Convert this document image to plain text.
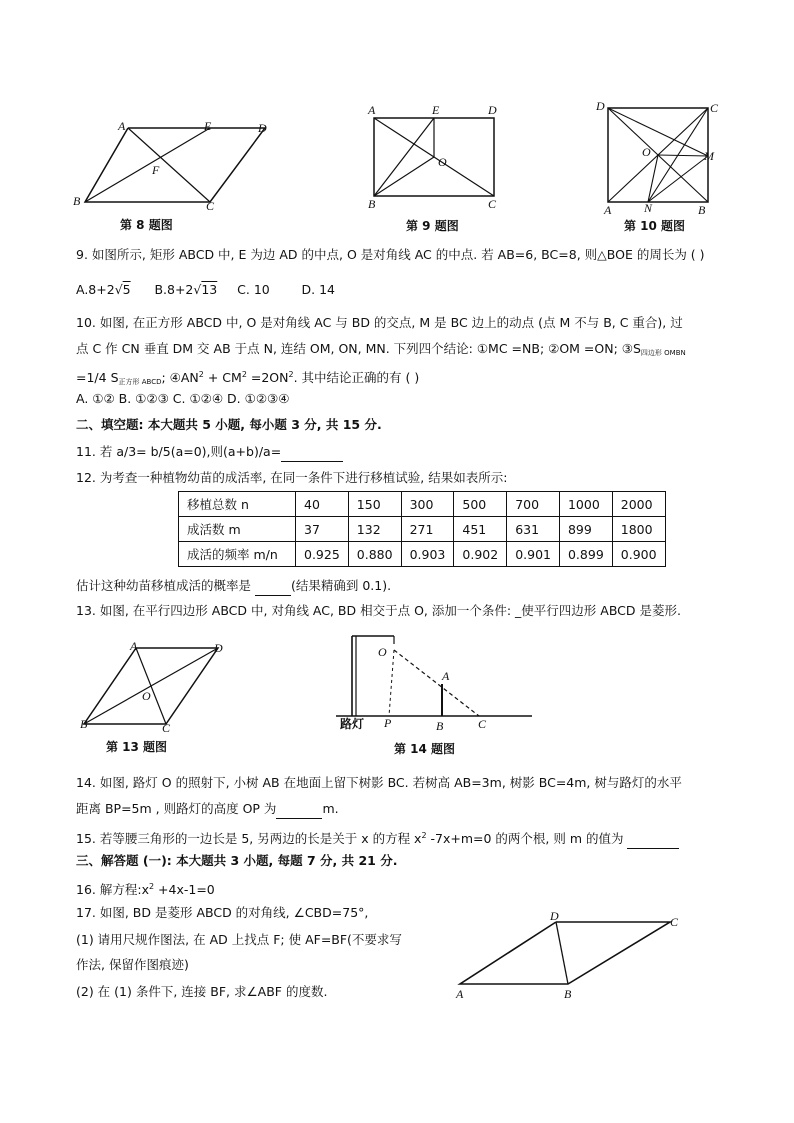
A	E	D
F
B	C
第 8 题图
A	E	D
O
B	C
第 9 题图
D	C
O	M
A	N	B
第 10 题图
9. 如图所示, 矩形 ABCD 中, E 为边 AD 的中点, O 是对角线 AC 的中点. 若 AB=6, BC=8, 则△BOE 的周长为 ( )
A.8+2√5 B.8+2√13 C. 10	D. 14
10. 如图, 在正方形 ABCD 中, O 是对角线 AC 与 BD 的交点, M 是 BC 边上的动点 (点 M 不与 B, C 重合), 过
点 C 作 CN 垂直 DM 交 AB 于点 N, 连结 OM, ON, MN. 下列四个结论: ①MC =NB; ②OM =ON; ③S四边形 OMBN
=1/4 S正方形 ABCD; $④AN^2 + CM^2 =2ON^2$. 其中结论正确的有 ( )
A. ①② B. ①②③ C. ①②④ D. ①②③④
二、填空题: 本大题共 5 小题, 每小题 3 分, 共 15 分.
11. 若 a/3= b/5(a=0),则(a+b)/a=
12. 为考查一种植物幼苗的成活率, 在同一条件下进行移植试验, 结果如表所示:
移植总数 n	40	150	300	500	700	1000	2000
成活数 m	37	132	271	451	631	899	1800
成活的频率 m/n	0.925	0.880	0.903	0.902	0.901	0.899	0.900
估计这种幼苗移植成活的概率是	(结果精确到 0.1).
13. 如图, 在平行四边形 ABCD 中, 对角线 AC, BD 相交于点 O, 添加一个条件: _使平行四边形 ABCD 是菱形.
A	D
O
B	C
第 13 题图
O
A
路灯 P	B	C
第 14 题图
14. 如图, 路灯 O 的照射下, 小树 AB 在地面上留下树影 BC. 若树高 AB=3m, 树影 BC=4m, 树与路灯的水平
距离 BP=5m , 则路灯的高度 OP 为	m.
15. 若等腰三角形的一边长是 5, 另两边的长是关于 x 的方程 $x^2$ -7x+m=0 的两个根, 则 m 的值为
三、解答题 (一): 本大题共 3 小题, 每题 7 分, 共 21 分.
16. 解方程$:x^2 +4x-1=0$
17. 如图, BD 是菱形 ABCD 的对角线, ∠CBD=75°,
(1) 请用尺规作图法, 在 AD 上找点 F; 使 AF=BF(不要求写
作法, 保留作图痕迹)
(2) 在 (1) 条件下, 连接 BF, 求∠ABF 的度数.
D	C
A	B
